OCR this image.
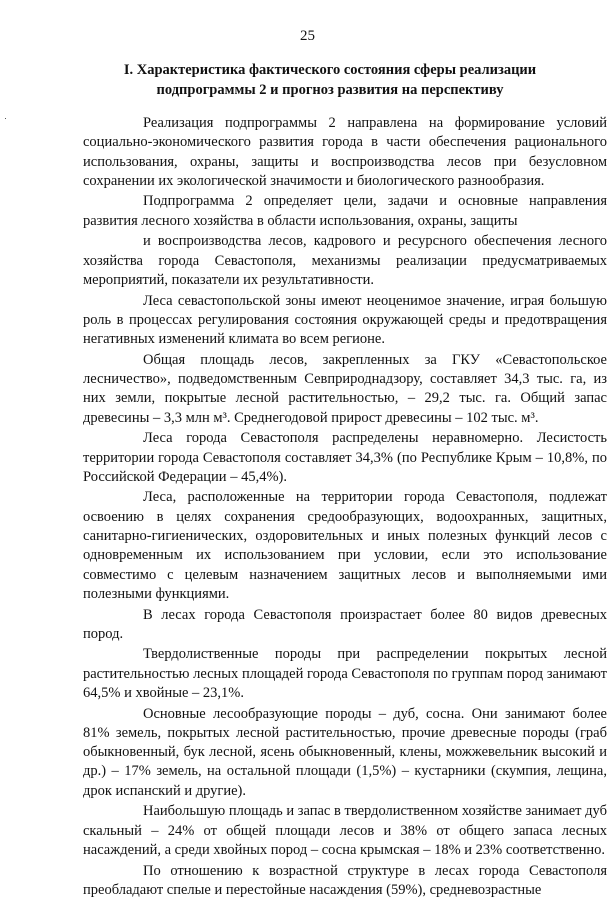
25
I. Характеристика фактического состояния сферы реализации
подпрограммы 2 и прогноз развития на перспективу

Реализация подпрограммы 2 направлена на формирование условий социально-экономического развития города в части обеспечения рационального использования, охраны, защиты и воспроизводства лесов при безусловном сохранении их экологической значимости и биологического разнообразия.

Подпрограмма 2 определяет цели, задачи и основные направления развития лесного хозяйства в области использования, охраны, защиты

и воспроизводства лесов, кадрового и ресурсного обеспечения лесного хозяйства города Севастополя, механизмы реализации предусматриваемых мероприятий, показатели их результативности.

Леса севастопольской зоны имеют неоценимое значение, играя большую роль в процессах регулирования состояния окружающей среды и предотвращения негативных изменений климата во всем регионе.

Общая площадь лесов, закрепленных за ГКУ «Севастопольское лесничество», подведомственным Севприроднадзору, составляет 34,3 тыс. га, из них земли, покрытые лесной растительностью, – 29,2 тыс. га. Общий запас древесины – 3,3 млн м³. Среднегодовой прирост древесины – 102 тыс. м³.

Леса города Севастополя распределены неравномерно. Лесистость территории города Севастополя составляет 34,3% (по Республике Крым – 10,8%, по Российской Федерации – 45,4%).

Леса, расположенные на территории города Севастополя, подлежат освоению в целях сохранения средообразующих, водоохранных, защитных, санитарно-гигиенических, оздоровительных и иных полезных функций лесов с одновременным их использованием при условии, если это использование совместимо с целевым назначением защитных лесов и выполняемыми ими полезными функциями.

В лесах города Севастополя произрастает более 80 видов древесных пород.

Твердолиственные породы при распределении покрытых лесной растительностью лесных площадей города Севастополя по группам пород занимают 64,5% и хвойные – 23,1%.

Основные лесообразующие породы – дуб, сосна. Они занимают более 81% земель, покрытых лесной растительностью, прочие древесные породы (граб обыкновенный, бук лесной, ясень обыкновенный, клены, можжевельник высокий и др.) – 17% земель, на остальной площади (1,5%) – кустарники (скумпия, лещина, дрок испанский и другие).

Наибольшую площадь и запас в твердолиственном хозяйстве занимает дуб скальный – 24% от общей площади лесов и 38% от общего запаса лесных насаждений, а среди хвойных пород – сосна крымская – 18% и 23% соответственно.

По отношению к возрастной структуре в лесах города Севастополя преобладают спелые и перестойные насаждения (59%), средневозрастные
